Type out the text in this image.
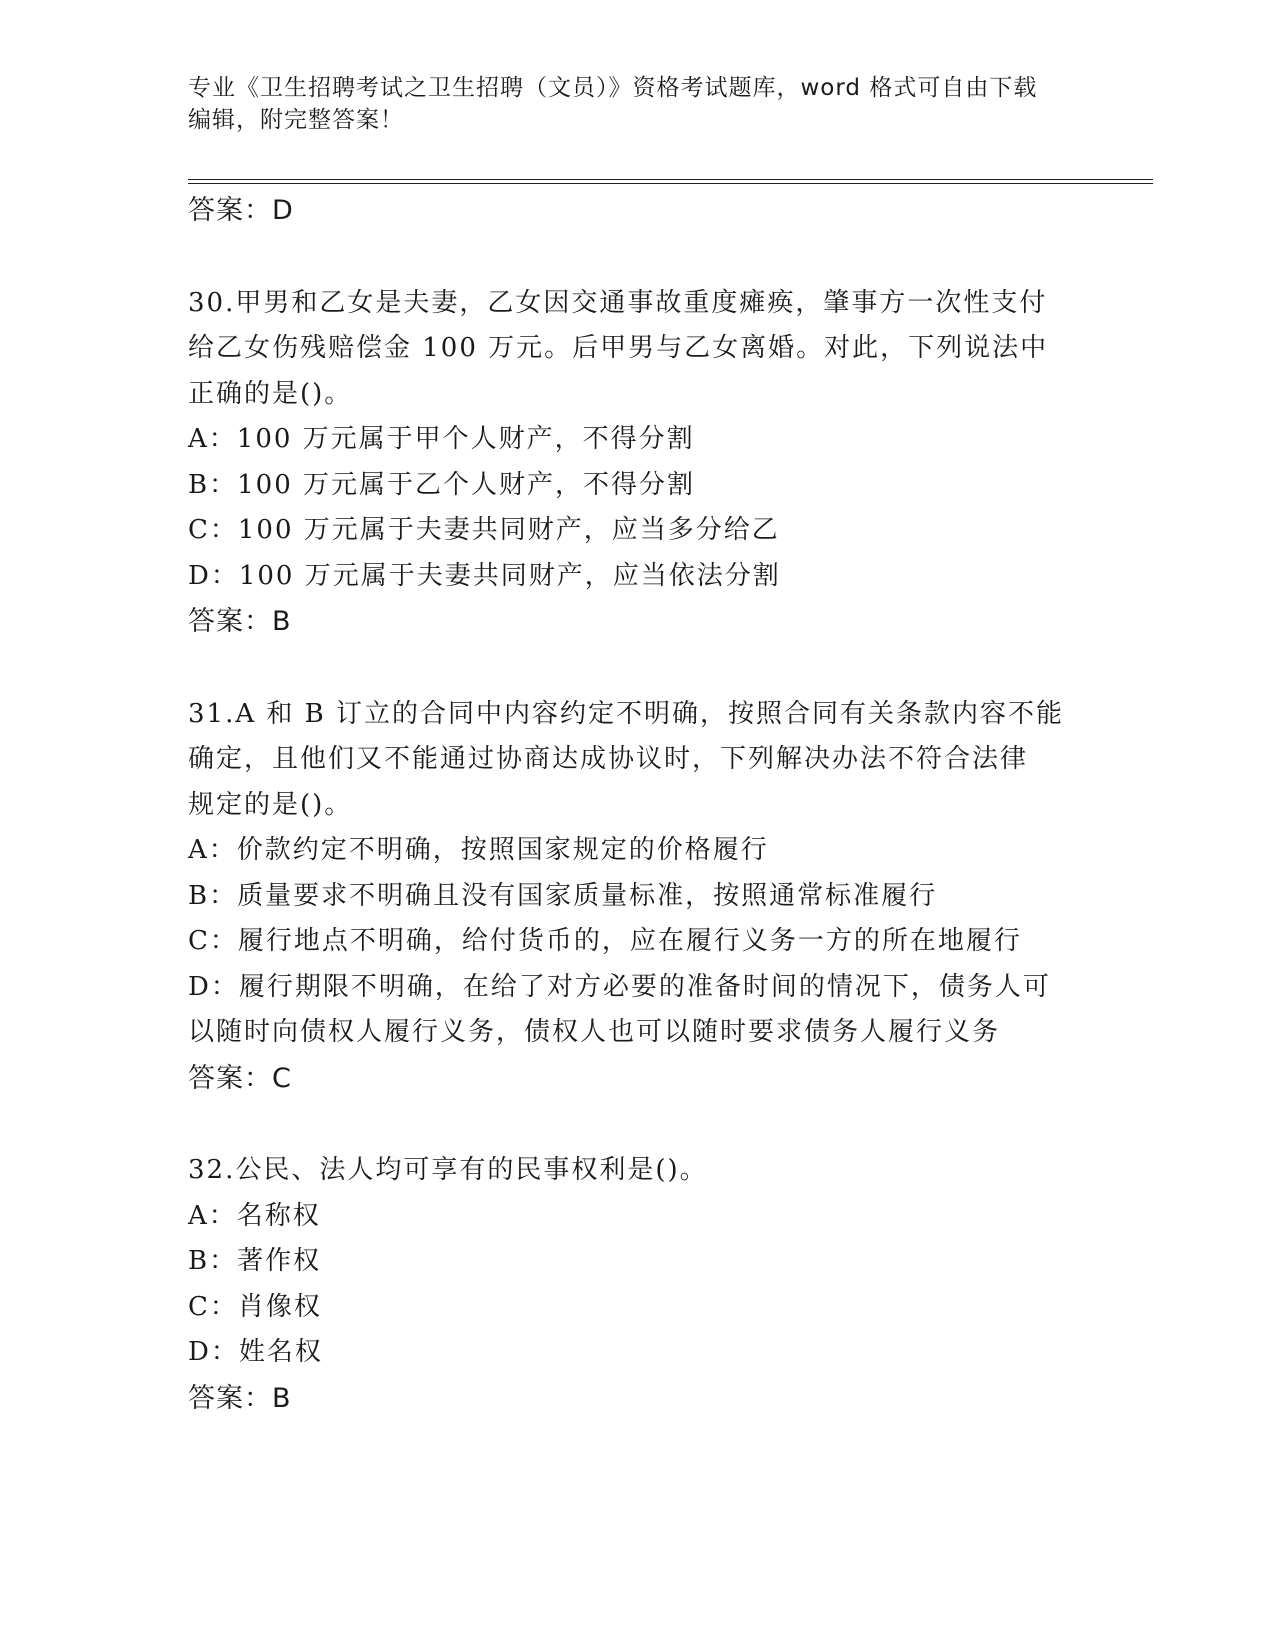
专业《卫生招聘考试之卫生招聘（文员）》资格考试题库，word 格式可自由下载
编辑，附完整答案！
答案：D
30.甲男和乙女是夫妻，乙女因交通事故重度瘫痪，肇事方一次性支付
给乙女伤残赔偿金 100 万元。后甲男与乙女离婚。对此，下列说法中
正确的是()。
A：100 万元属于甲个人财产，不得分割
B：100 万元属于乙个人财产，不得分割
C：100 万元属于夫妻共同财产，应当多分给乙
D：100 万元属于夫妻共同财产，应当依法分割
答案：B
31.A 和 B 订立的合同中内容约定不明确，按照合同有关条款内容不能
确定，且他们又不能通过协商达成协议时，下列解决办法不符合法律
规定的是()。
A：价款约定不明确，按照国家规定的价格履行
B：质量要求不明确且没有国家质量标准，按照通常标准履行
C：履行地点不明确，给付货币的，应在履行义务一方的所在地履行
D：履行期限不明确，在给了对方必要的准备时间的情况下，债务人可
以随时向债权人履行义务，债权人也可以随时要求债务人履行义务
答案：C
32.公民、法人均可享有的民事权利是()。
A：名称权
B：著作权
C：肖像权
D：姓名权
答案：B
